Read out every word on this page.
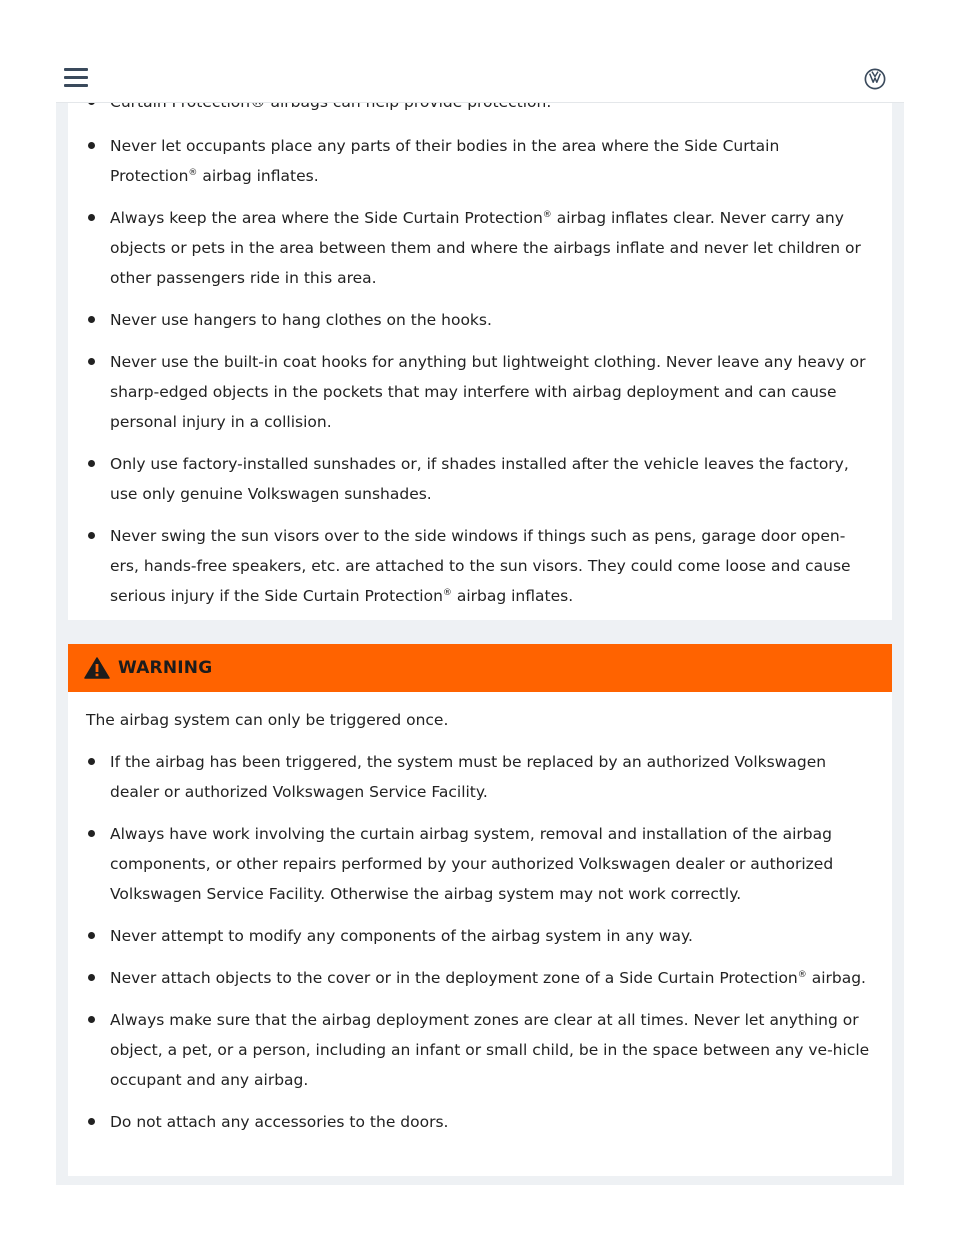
Never let occupants place any parts of their bodies in the area where the Side Curtain Protection® airbag inflates.
Always keep the area where the Side Curtain Protection® airbag inflates clear. Never carry any objects or pets in the area between them and where the airbags inflate and never let children or other passengers ride in this area.
Never use hangers to hang clothes on the hooks.
Never use the built-in coat hooks for anything but lightweight clothing. Never leave any heavy or sharp-edged objects in the pockets that may interfere with airbag deployment and can cause personal injury in a collision.
Only use factory-installed sunshades or, if shades installed after the vehicle leaves the factory, use only genuine Volkswagen sunshades.
Never swing the sun visors over to the side windows if things such as pens, garage door open-ers, hands-free speakers, etc. are attached to the sun visors. They could come loose and cause serious injury if the Side Curtain Protection® airbag inflates.
WARNING

The airbag system can only be triggered once.

If the airbag has been triggered, the system must be replaced by an authorized Volkswagen dealer or authorized Volkswagen Service Facility.
Always have work involving the curtain airbag system, removal and installation of the airbag components, or other repairs performed by your authorized Volkswagen dealer or authorized Volkswagen Service Facility. Otherwise the airbag system may not work correctly.
Never attempt to modify any components of the airbag system in any way.
Never attach objects to the cover or in the deployment zone of a Side Curtain Protection® airbag.
Always make sure that the airbag deployment zones are clear at all times. Never let anything or object, a pet, or a person, including an infant or small child, be in the space between any ve-hicle occupant and any airbag.
Do not attach any accessories to the doors.
